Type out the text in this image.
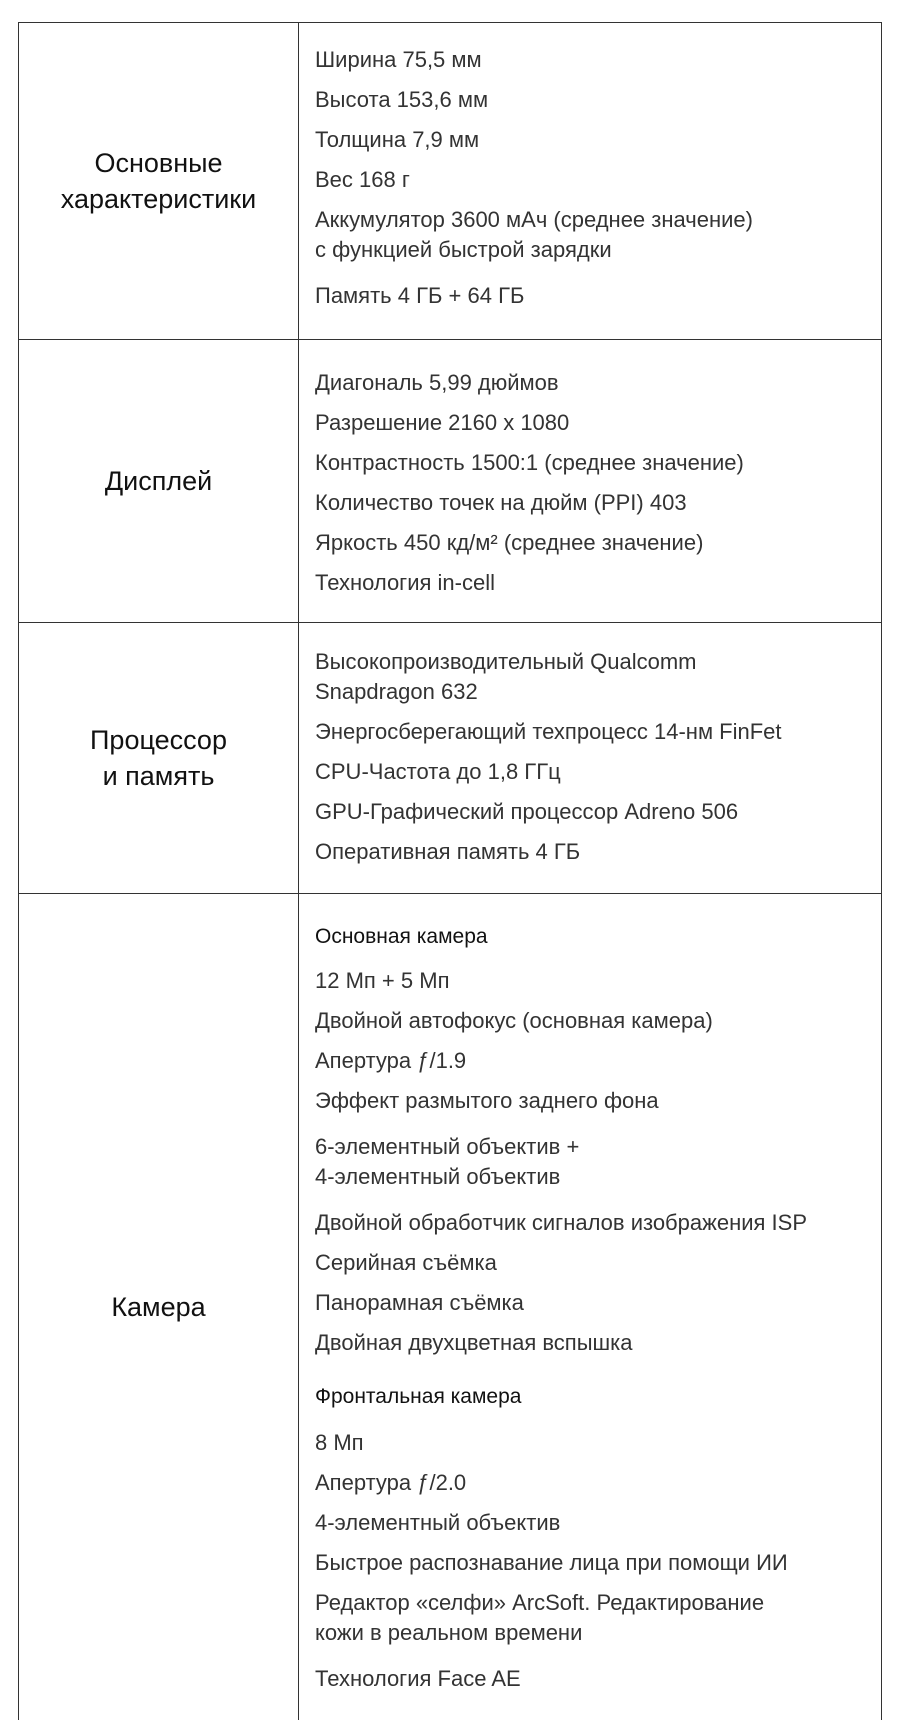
Основные
характеристики
Ширина 75,5 мм
Высота 153,6 мм
Толщина 7,9 мм
Вес 168 г
Аккумулятор 3600 мАч (среднее значение)
с функцией быстрой зарядки
Память 4 ГБ + 64 ГБ
Дисплей
Диагональ 5,99 дюймов
Разрешение 2160 x 1080
Контрастность 1500:1 (среднее значение)
Количество точек на дюйм (PPI) 403
Яркость 450 кд/м² (среднее значение)
Технология in-cell
Процессор
и память
Высокопроизводительный Qualcomm
Snapdragon 632
Энергосберегающий техпроцесс 14-нм FinFet
CPU-Частота до 1,8 ГГц
GPU-Графический процессор Adreno 506
Оперативная память 4 ГБ
Камера
Основная камера
12 Мп + 5 Мп
Двойной автофокус (основная камера)
Апертура ƒ/1.9
Эффект размытого заднего фона
6-элементный объектив +
4-элементный объектив
Двойной обработчик сигналов изображения ISP
Серийная съёмка
Панорамная съёмка
Двойная двухцветная вспышка
Фронтальная камера
8 Мп
Апертура ƒ/2.0
4-элементный объектив
Быстрое распознавание лица при помощи ИИ
Редактор «селфи» ArcSoft. Редактирование
кожи в реальном времени
Технология Face AE
